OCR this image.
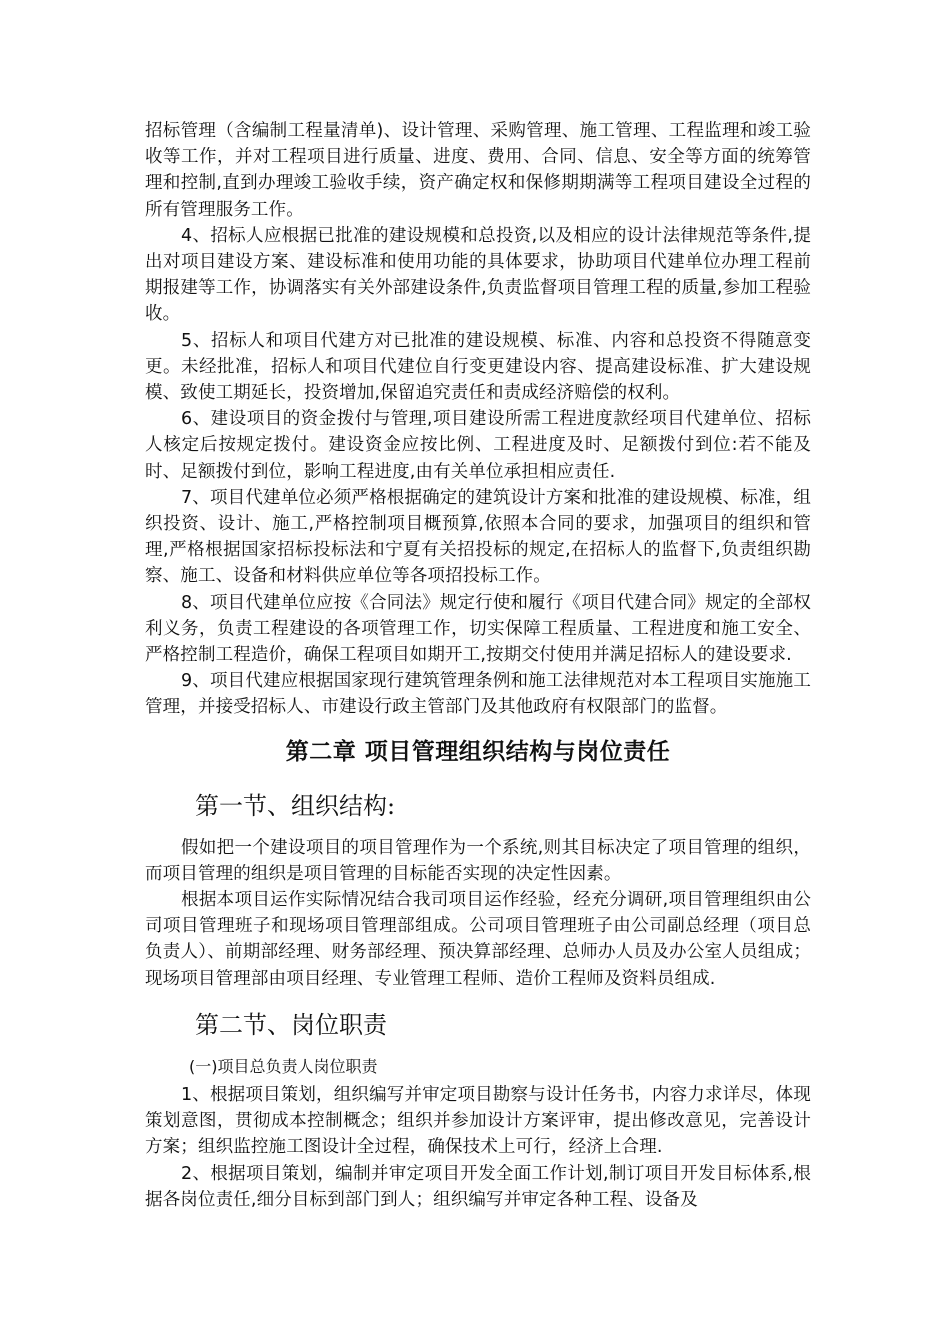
招标管理（含编制工程量清单)、设计管理、采购管理、施工管理、工程监理和竣工验收等工作，并对工程项目进行质量、进度、费用、合同、信息、安全等方面的统筹管理和控制,直到办理竣工验收手续，资产确定权和保修期期满等工程项目建设全过程的所有管理服务工作。

4、招标人应根据已批准的建设规模和总投资,以及相应的设计法律规范等条件,提出对项目建设方案、建设标准和使用功能的具体要求，协助项目代建单位办理工程前期报建等工作，协调落实有关外部建设条件,负责监督项目管理工程的质量,参加工程验收。

5、招标人和项目代建方对已批准的建设规模、标准、内容和总投资不得随意变更。未经批准，招标人和项目代建位自行变更建设内容、提高建设标准、扩大建设规模、致使工期延长，投资增加,保留追究责任和责成经济赔偿的权利。

6、建设项目的资金拨付与管理,项目建设所需工程进度款经项目代建单位、招标人核定后按规定拨付。建设资金应按比例、工程进度及时、足额拨付到位:若不能及时、足额拨付到位，影响工程进度,由有关单位承担相应责任.

7、项目代建单位必须严格根据确定的建筑设计方案和批准的建设规模、标准，组织投资、设计、施工,严格控制项目概预算,依照本合同的要求，加强项目的组织和管理,严格根据国家招标投标法和宁夏有关招投标的规定,在招标人的监督下,负责组织勘察、施工、设备和材料供应单位等各项招投标工作。

8、项目代建单位应按《合同法》规定行使和履行《项目代建合同》规定的全部权利义务，负责工程建设的各项管理工作，切实保障工程质量、工程进度和施工安全、严格控制工程造价，确保工程项目如期开工,按期交付使用并满足招标人的建设要求.

9、项目代建应根据国家现行建筑管理条例和施工法律规范对本工程项目实施施工管理，并接受招标人、市建设行政主管部门及其他政府有权限部门的监督。

第二章 项目管理组织结构与岗位责任
第一节、组织结构:

假如把一个建设项目的项目管理作为一个系统,则其目标决定了项目管理的组织，而项目管理的组织是项目管理的目标能否实现的决定性因素。

根据本项目运作实际情况结合我司项目运作经验，经充分调研,项目管理组织由公司项目管理班子和现场项目管理部组成。公司项目管理班子由公司副总经理（项目总负责人）、前期部经理、财务部经理、预决算部经理、总师办人员及办公室人员组成；现场项目管理部由项目经理、专业管理工程师、造价工程师及资料员组成.

第二节、岗位职责

(一)项目总负责人岗位职责

1、根据项目策划，组织编写并审定项目勘察与设计任务书，内容力求详尽，体现策划意图，贯彻成本控制概念；组织并参加设计方案评审，提出修改意见，完善设计方案；组织监控施工图设计全过程，确保技术上可行，经济上合理.

2、根据项目策划，编制并审定项目开发全面工作计划,制订项目开发目标体系,根据各岗位责任,细分目标到部门到人；组织编写并审定各种工程、设备及
